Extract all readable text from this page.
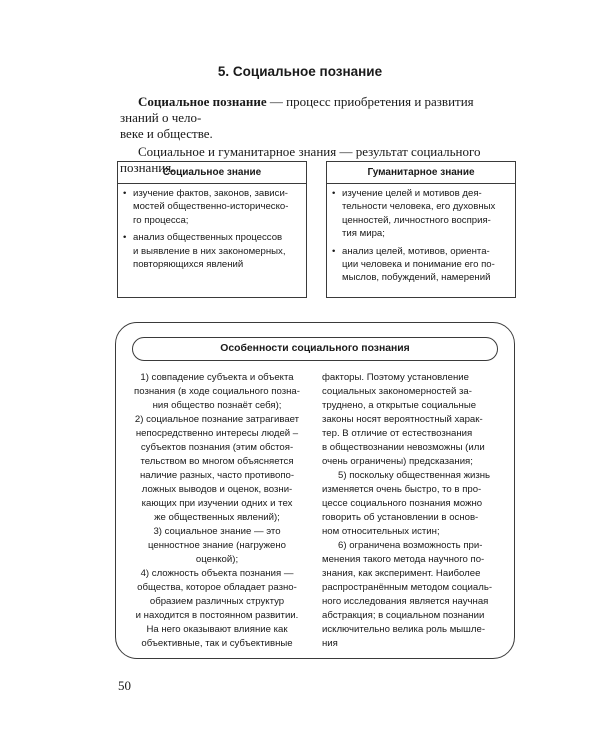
5. Социальное познание

Социальное познание — процесс приобретения и развития знаний о чело-

веке и обществе.

Социальное и гуманитарное знания — результат социального познания.

Социальное знание
• изучение фактов, законов, зависи-
мостей общественно-историческо-
го процесса;
• анализ общественных процессов
и выявление в них закономерных,
повторяющихся явлений
Гуманитарное знание
• изучение целей и мотивов дея-
тельности человека, его духовных
ценностей, личностного восприя-
тия мира;
• анализ целей, мотивов, ориента-
ции человека и понимание его по-
мыслов, побуждений, намерений
Особенности социального познания

1) совпадение субъекта и объекта

познания (в ходе социального позна-

ния общество познаёт себя);

2) социальное познание затрагивает

непосредственно интересы людей –

субъектов познания (этим обстоя-

тельством во многом объясняется

наличие разных, часто противопо-

ложных выводов и оценок, возни-

кающих при изучении одних и тех

же общественных явлений);

3) социальное знание — это

ценностное знание (нагружено

оценкой);

4) сложность объекта познания —

общества, которое обладает разно-

образием различных структур

и находится в постоянном развитии.

На него оказывают влияние как

объективные, так и субъективные

факторы. Поэтому установление

социальных закономерностей за-

труднено, а открытые социальные

законы носят вероятностный харак-

тер. В отличие от естествознания

в обществознании невозможны (или

очень ограничены) предсказания;

5) поскольку общественная жизнь

изменяется очень быстро, то в про-

цессе социального познания можно

говорить об установлении в основ-

ном относительных истин;

6) ограничена возможность при-

менения такого метода научного по-

знания, как эксперимент. Наиболее

распространённым методом социаль-

ного исследования является научная

абстракция; в социальном познании

исключительно велика роль мышле-

ния

50
